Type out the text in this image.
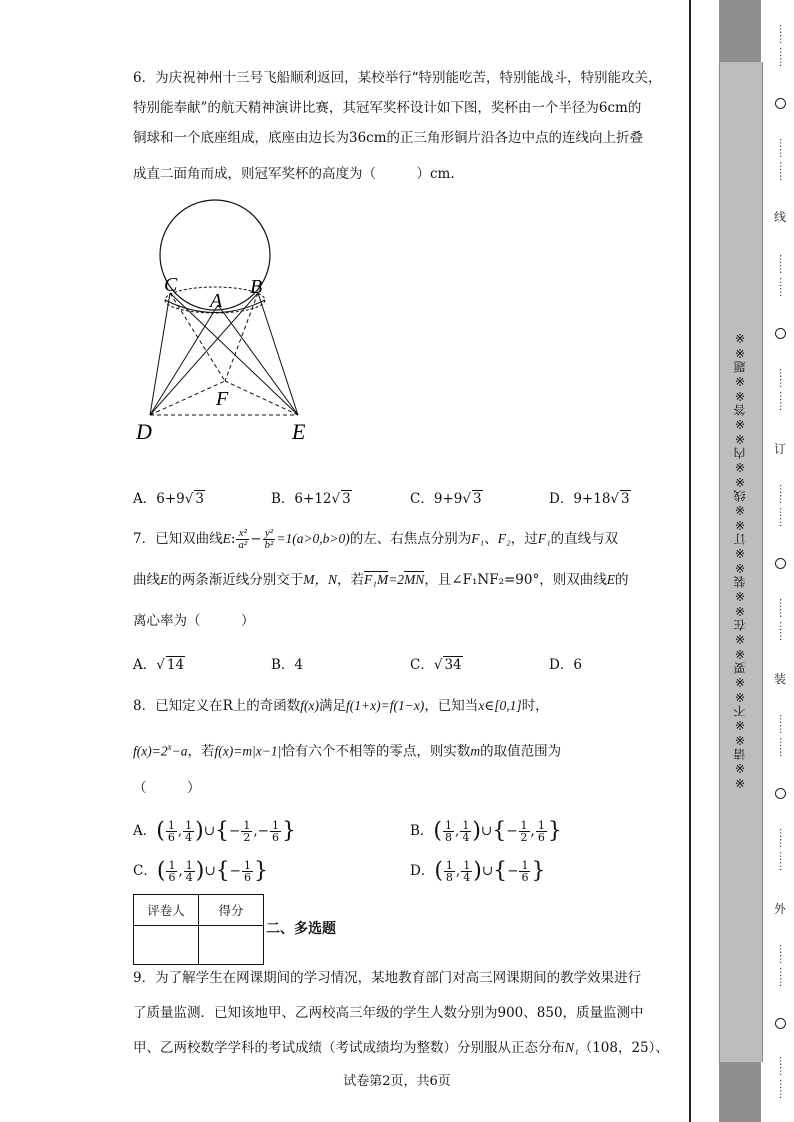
6．为庆祝神州十三号飞船顺利返回，某校举行“特别能吃苦，特别能战斗，特别能攻关，
特别能奉献”的航天精神演讲比赛，其冠军奖杯设计如下图，奖杯由一个半径为6cm的
铜球和一个底座组成，底座由边长为36cm的正三角形铜片沿各边中点的连线向上折叠
成直二面角而成，则冠军奖杯的高度为（　　　）cm.
C
A
B
F
D	E
A．6+9√ 3	B．6+12√ 3	C．9+9√ 3	D．9+18√ 3
7．已知双曲线E: $\frac{\text{x²}}{\text{a²}} - \frac{\text{y²}}{\text{b²}} =1(a>0,b>0)$的左、右焦点分别为F₁、F₂，过F₁的直线与双
曲线E的两条渐近线分别交于M，N，若F₁M=2MN，且∠F₁NF₂=90°，则双曲线E的
离心率为（　　　）
A．√ 14	B．4	C．√ 34	D．6
8．已知定义在R上的奇函数f(x)满足f(1+x)=f(1−x)，已知当x∈[0,1]时，
$f(x)=2^x-a$，若f(x)=m|x−1|恰有六个不相等的零点，则实数m的取值范围为
（　　　）
A．( $\frac{1}{6}$ , $\frac{1}{4}$ )∪{− $\frac{1}{2}$ ,− $\frac{1}{6}$ }	B．( $\frac{1}{8}$ , $\frac{1}{4}$ )∪{− $\frac{1}{2}$ , $\frac{1}{6}$ }
C．( $\frac{1}{6}$ , $\frac{1}{4}$ )∪{− $\frac{1}{6}$ }	D．( $\frac{1}{8}$ , $\frac{1}{4}$ )∪{− $\frac{1}{6}$ }
评卷人	得分

二、多选题
9．为了解学生在网课期间的学习情况，某地教育部门对高三网课期间的教学效果进行
了质量监测．已知该地甲、乙两校高三年级的学生人数分别为900、850，质量监测中
甲、乙两校数学学科的考试成绩（考试成绩均为整数）分别服从正态分布N₁（108，25）、
试卷第2页，共6页
※※请※※不※※要※※在※※装※※订※※线※※内※※答※※题※※
…… ……
…… ……
线
…… ……
…… ……
订
…… ……
…… ……
装
…… ……
…… ……
外
…… ……
…… ……
